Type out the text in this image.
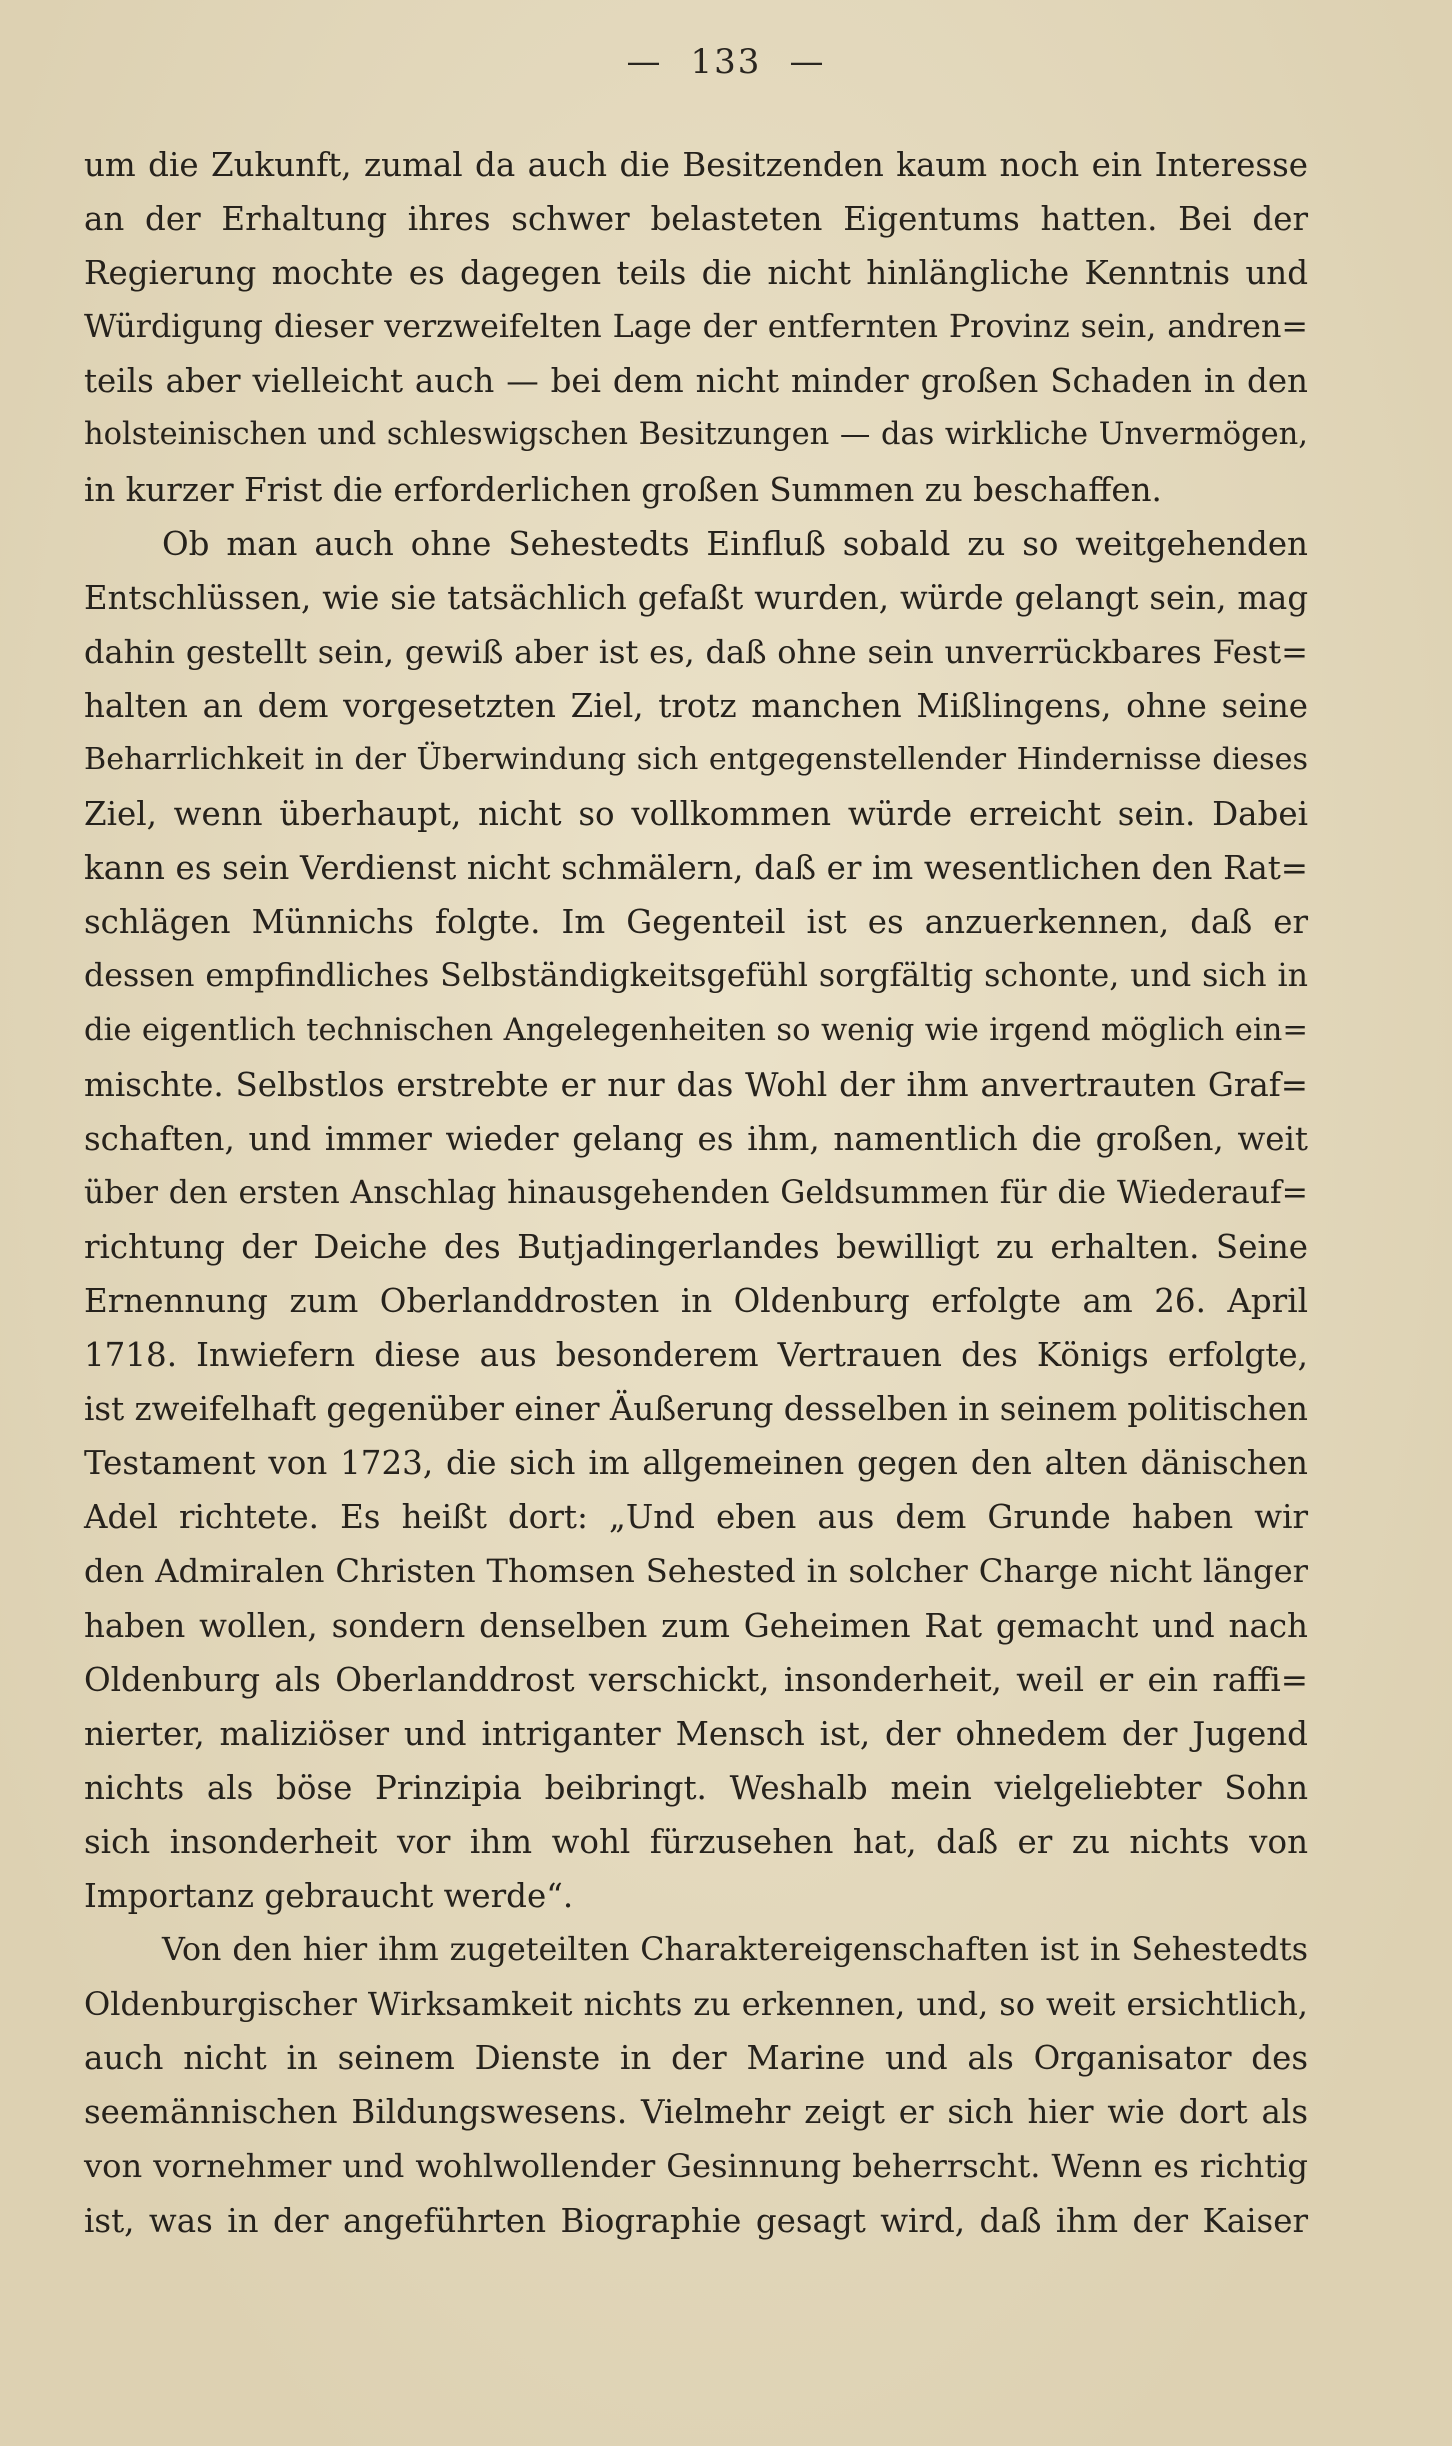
— 133 —
um die Zukunft, zumal da auch die Besitzenden kaum noch ein Interesse
an der Erhaltung ihres schwer belasteten Eigentums hatten. Bei der
Regierung mochte es dagegen teils die nicht hinlängliche Kenntnis und
Würdigung dieser verzweifelten Lage der entfernten Provinz sein, andren=
teils aber vielleicht auch — bei dem nicht minder großen Schaden in den
holsteinischen und schleswigschen Besitzungen — das wirkliche Unvermögen,
in kurzer Frist die erforderlichen großen Summen zu beschaffen.
Ob man auch ohne Sehestedts Einfluß sobald zu so weitgehenden
Entschlüssen, wie sie tatsächlich gefaßt wurden, würde gelangt sein, mag
dahin gestellt sein, gewiß aber ist es, daß ohne sein unverrückbares Fest=
halten an dem vorgesetzten Ziel, trotz manchen Mißlingens, ohne seine
Beharrlichkeit in der Überwindung sich entgegenstellender Hindernisse dieses
Ziel, wenn überhaupt, nicht so vollkommen würde erreicht sein. Dabei
kann es sein Verdienst nicht schmälern, daß er im wesentlichen den Rat=
schlägen Münnichs folgte. Im Gegenteil ist es anzuerkennen, daß er
dessen empfindliches Selbständigkeitsgefühl sorgfältig schonte, und sich in
die eigentlich technischen Angelegenheiten so wenig wie irgend möglich ein=
mischte. Selbstlos erstrebte er nur das Wohl der ihm anvertrauten Graf=
schaften, und immer wieder gelang es ihm, namentlich die großen, weit
über den ersten Anschlag hinausgehenden Geldsummen für die Wiederauf=
richtung der Deiche des Butjadingerlandes bewilligt zu erhalten. Seine
Ernennung zum Oberlanddrosten in Oldenburg erfolgte am 26. April
1718. Inwiefern diese aus besonderem Vertrauen des Königs erfolgte,
ist zweifelhaft gegenüber einer Äußerung desselben in seinem politischen
Testament von 1723, die sich im allgemeinen gegen den alten dänischen
Adel richtete. Es heißt dort: „Und eben aus dem Grunde haben wir
den Admiralen Christen Thomsen Sehested in solcher Charge nicht länger
haben wollen, sondern denselben zum Geheimen Rat gemacht und nach
Oldenburg als Oberlanddrost verschickt, insonderheit, weil er ein raffi=
nierter, maliziöser und intriganter Mensch ist, der ohnedem der Jugend
nichts als böse Prinzipia beibringt. Weshalb mein vielgeliebter Sohn
sich insonderheit vor ihm wohl fürzusehen hat, daß er zu nichts von
Importanz gebraucht werde“.
Von den hier ihm zugeteilten Charaktereigenschaften ist in Sehestedts
Oldenburgischer Wirksamkeit nichts zu erkennen, und, so weit ersichtlich,
auch nicht in seinem Dienste in der Marine und als Organisator des
seemännischen Bildungswesens. Vielmehr zeigt er sich hier wie dort als
von vornehmer und wohlwollender Gesinnung beherrscht. Wenn es richtig
ist, was in der angeführten Biographie gesagt wird, daß ihm der Kaiser
